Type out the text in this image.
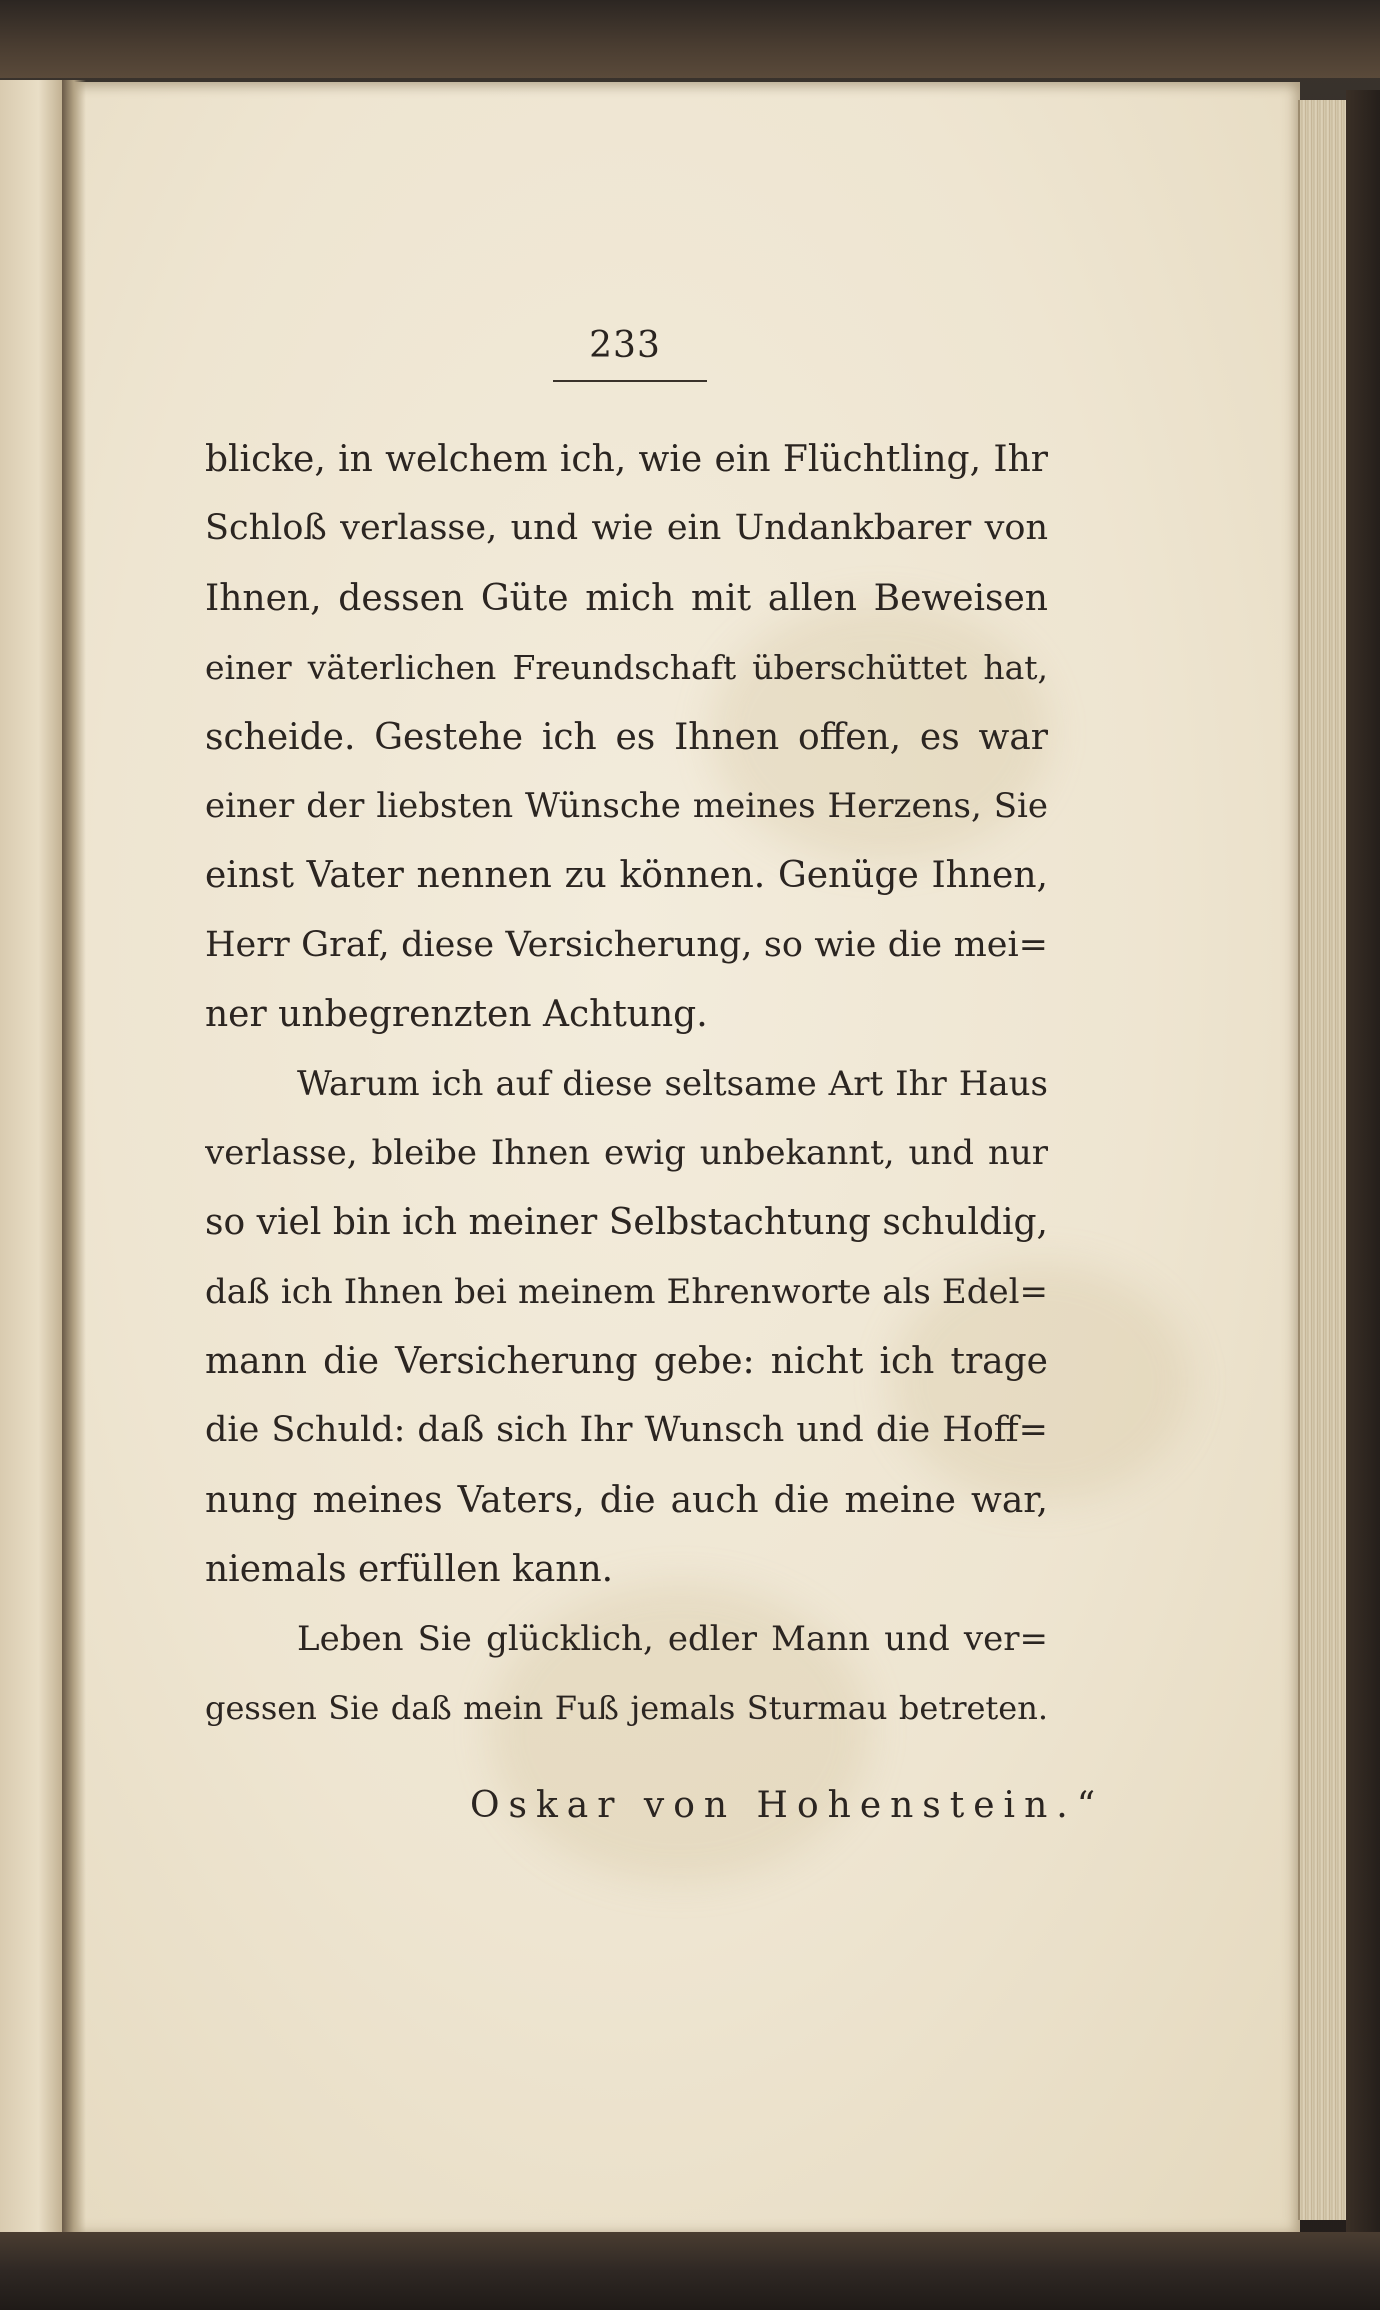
233
blicke, in welchem ich, wie ein Flüchtling, Ihr
Schloß verlasse, und wie ein Undankbarer von
Ihnen, dessen Güte mich mit allen Beweisen
einer väterlichen Freundschaft überschüttet hat,
scheide. Gestehe ich es Ihnen offen, es war
einer der liebsten Wünsche meines Herzens, Sie
einst Vater nennen zu können. Genüge Ihnen,
Herr Graf, diese Versicherung, so wie die mei=
ner unbegrenzten Achtung.
Warum ich auf diese seltsame Art Ihr Haus
verlasse, bleibe Ihnen ewig unbekannt, und nur
so viel bin ich meiner Selbstachtung schuldig,
daß ich Ihnen bei meinem Ehrenworte als Edel=
mann die Versicherung gebe: nicht ich trage
die Schuld: daß sich Ihr Wunsch und die Hoff=
nung meines Vaters, die auch die meine war,
niemals erfüllen kann.
Leben Sie glücklich, edler Mann und ver=
gessen Sie daß mein Fuß jemals Sturmau betreten.
Oskar von Hohenstein.“
